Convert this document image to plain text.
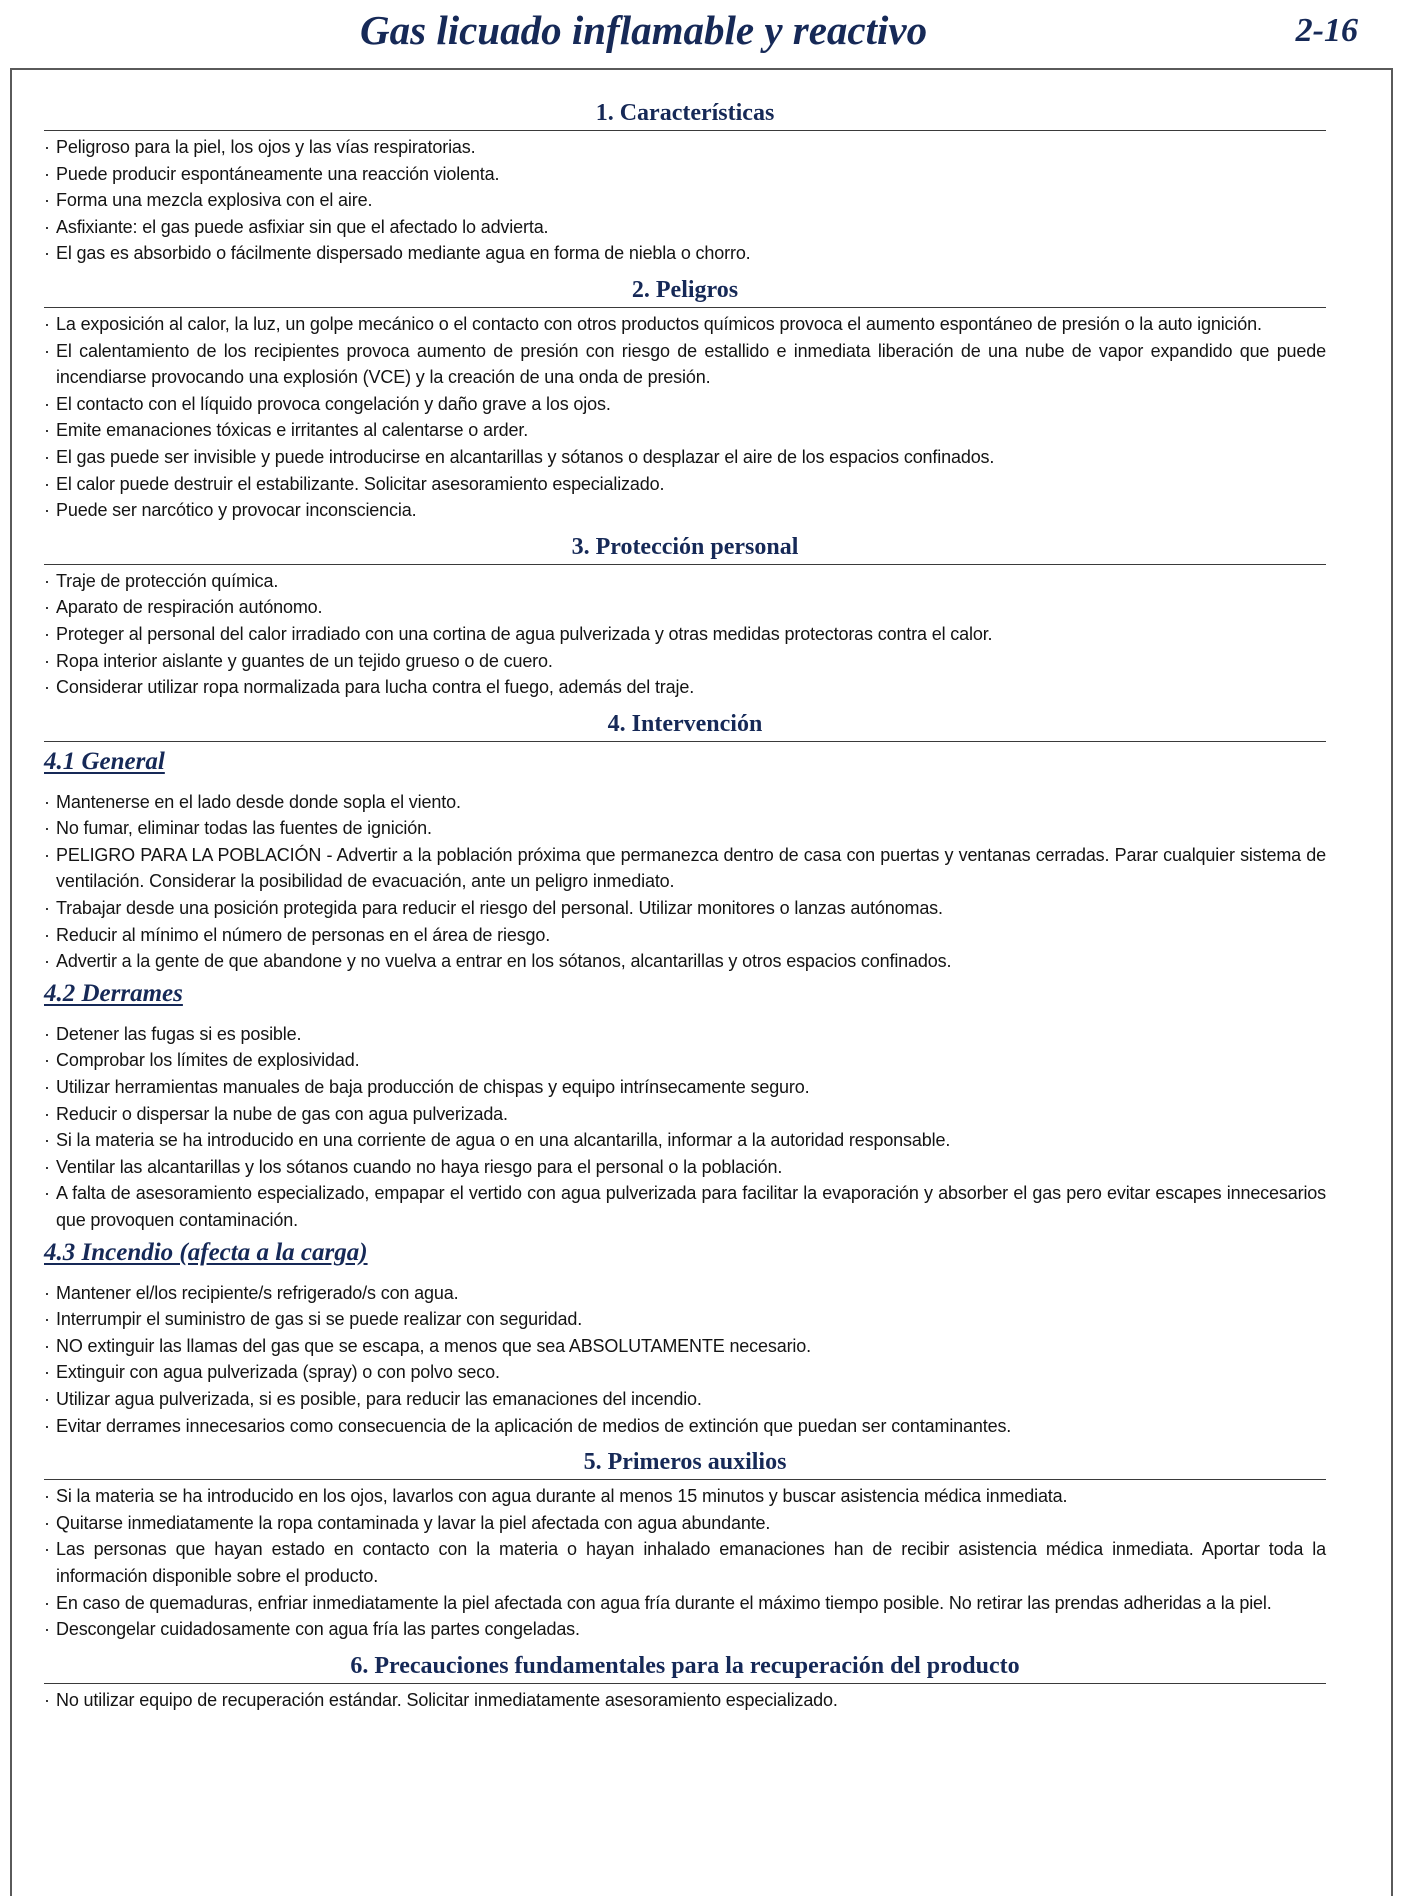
Gas licuado inflamable y reactivo	2-16
1. Características
· Peligroso para la piel, los ojos y las vías respiratorias.
· Puede producir espontáneamente una reacción violenta.
· Forma una mezcla explosiva con el aire.
· Asfixiante: el gas puede asfixiar sin que el afectado lo advierta.
· El gas es absorbido o fácilmente dispersado mediante agua en forma de niebla o chorro.
2. Peligros
· La exposición al calor, la luz, un golpe mecánico o el contacto con otros productos químicos provoca el aumento espontáneo de presión o la auto ignición.
· El calentamiento de los recipientes provoca aumento de presión con riesgo de estallido e inmediata liberación de una nube de vapor expandido que puede incendiarse provocando una explosión (VCE) y la creación de una onda de presión.
· El contacto con el líquido provoca congelación y daño grave a los ojos.
· Emite emanaciones tóxicas e irritantes al calentarse o arder.
· El gas puede ser invisible y puede introducirse en alcantarillas y sótanos o desplazar el aire de los espacios confinados.
· El calor puede destruir el estabilizante. Solicitar asesoramiento especializado.
· Puede ser narcótico y provocar inconsciencia.
3. Protección personal
· Traje de protección química.
· Aparato de respiración autónomo.
· Proteger al personal del calor irradiado con una cortina de agua pulverizada y otras medidas protectoras contra el calor.
· Ropa interior aislante y guantes de un tejido grueso o de cuero.
· Considerar utilizar ropa normalizada para lucha contra el fuego, además del traje.
4. Intervención
4.1 General
· Mantenerse en el lado desde donde sopla el viento.
· No fumar, eliminar todas las fuentes de ignición.
· PELIGRO PARA LA POBLACIÓN - Advertir a la población próxima que permanezca dentro de casa con puertas y ventanas cerradas. Parar cualquier sistema de ventilación. Considerar la posibilidad de evacuación, ante un peligro inmediato.
· Trabajar desde una posición protegida para reducir el riesgo del personal. Utilizar monitores o lanzas autónomas.
· Reducir al mínimo el número de personas en el área de riesgo.
· Advertir a la gente de que abandone y no vuelva a entrar en los sótanos, alcantarillas y otros espacios confinados.
4.2 Derrames
· Detener las fugas si es posible.
· Comprobar los límites de explosividad.
· Utilizar herramientas manuales de baja producción de chispas y equipo intrínsecamente seguro.
· Reducir o dispersar la nube de gas con agua pulverizada.
· Si la materia se ha introducido en una corriente de agua o en una alcantarilla, informar a la autoridad responsable.
· Ventilar las alcantarillas y los sótanos cuando no haya riesgo para el personal o la población.
· A falta de asesoramiento especializado, empapar el vertido con agua pulverizada para facilitar la evaporación y absorber el gas pero evitar escapes innecesarios que provoquen contaminación.
4.3 Incendio (afecta a la carga)
· Mantener el/los recipiente/s refrigerado/s con agua.
· Interrumpir el suministro de gas si se puede realizar con seguridad.
· NO extinguir las llamas del gas que se escapa, a menos que sea ABSOLUTAMENTE necesario.
· Extinguir con agua pulverizada (spray) o con polvo seco.
· Utilizar agua pulverizada, si es posible, para reducir las emanaciones del incendio.
· Evitar derrames innecesarios como consecuencia de la aplicación de medios de extinción que puedan ser contaminantes.
5. Primeros auxilios
· Si la materia se ha introducido en los ojos, lavarlos con agua durante al menos 15 minutos y buscar asistencia médica inmediata.
· Quitarse inmediatamente la ropa contaminada y lavar la piel afectada con agua abundante.
· Las personas que hayan estado en contacto con la materia o hayan inhalado emanaciones han de recibir asistencia médica inmediata. Aportar toda la información disponible sobre el producto.
· En caso de quemaduras, enfriar inmediatamente la piel afectada con agua fría durante el máximo tiempo posible. No retirar las prendas adheridas a la piel.
· Descongelar cuidadosamente con agua fría las partes congeladas.
6. Precauciones fundamentales para la recuperación del producto
· No utilizar equipo de recuperación estándar. Solicitar inmediatamente asesoramiento especializado.
